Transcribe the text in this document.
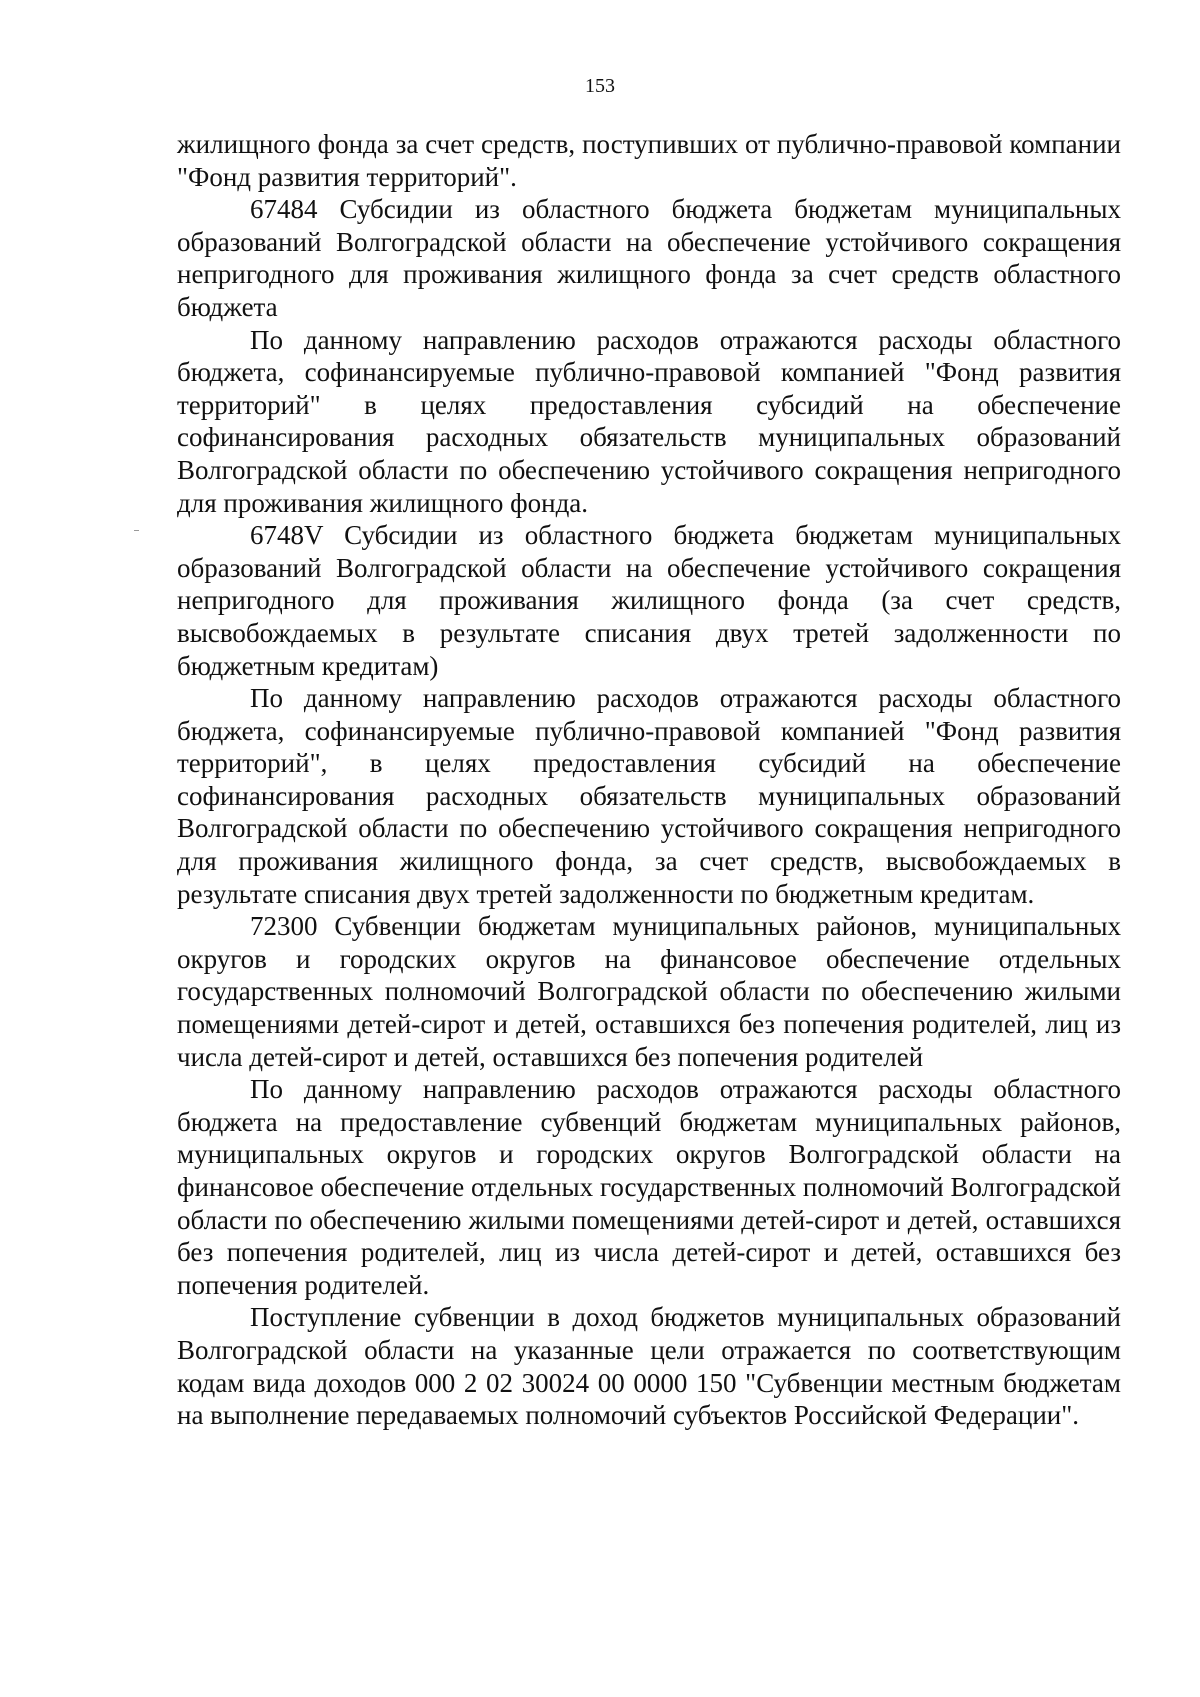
153

жилищного фонда за счет средств, поступивших от публично-правовой компании "Фонд развития территорий".

67484 Субсидии из областного бюджета бюджетам муниципальных образований Волгоградской области на обеспечение устойчивого сокращения непригодного для проживания жилищного фонда за счет средств областного бюджета

По данному направлению расходов отражаются расходы областного бюджета, софинансируемые публично-правовой компанией "Фонд развития территорий" в целях предоставления субсидий на обеспечение софинансирования расходных обязательств муниципальных образований Волгоградской области по обеспечению устойчивого сокращения непригодного для проживания жилищного фонда.

6748V Субсидии из областного бюджета бюджетам муниципальных образований Волгоградской области на обеспечение устойчивого сокращения непригодного для проживания жилищного фонда (за счет средств, высвобождаемых в результате списания двух третей задолженности по бюджетным кредитам)

По данному направлению расходов отражаются расходы областного бюджета, софинансируемые публично-правовой компанией "Фонд развития территорий", в целях предоставления субсидий на обеспечение софинансирования расходных обязательств муниципальных образований Волгоградской области по обеспечению устойчивого сокращения непригодного для проживания жилищного фонда, за счет средств, высвобождаемых в результате списания двух третей задолженности по бюджетным кредитам.

72300 Субвенции бюджетам муниципальных районов, муниципальных округов и городских округов на финансовое обеспечение отдельных государственных полномочий Волгоградской области по обеспечению жилыми помещениями детей-сирот и детей, оставшихся без попечения родителей, лиц из числа детей-сирот и детей, оставшихся без попечения родителей

По данному направлению расходов отражаются расходы областного бюджета на предоставление субвенций бюджетам муниципальных районов, муниципальных округов и городских округов Волгоградской области на финансовое обеспечение отдельных государственных полномочий Волгоградской области по обеспечению жилыми помещениями детей-сирот и детей, оставшихся без попечения родителей, лиц из числа детей-сирот и детей, оставшихся без попечения родителей.

Поступление субвенции в доход бюджетов муниципальных образований Волгоградской области на указанные цели отражается по соответствующим кодам вида доходов 000 2 02 30024 00 0000 150 "Субвенции местным бюджетам на выполнение передаваемых полномочий субъектов Российской Федерации".
